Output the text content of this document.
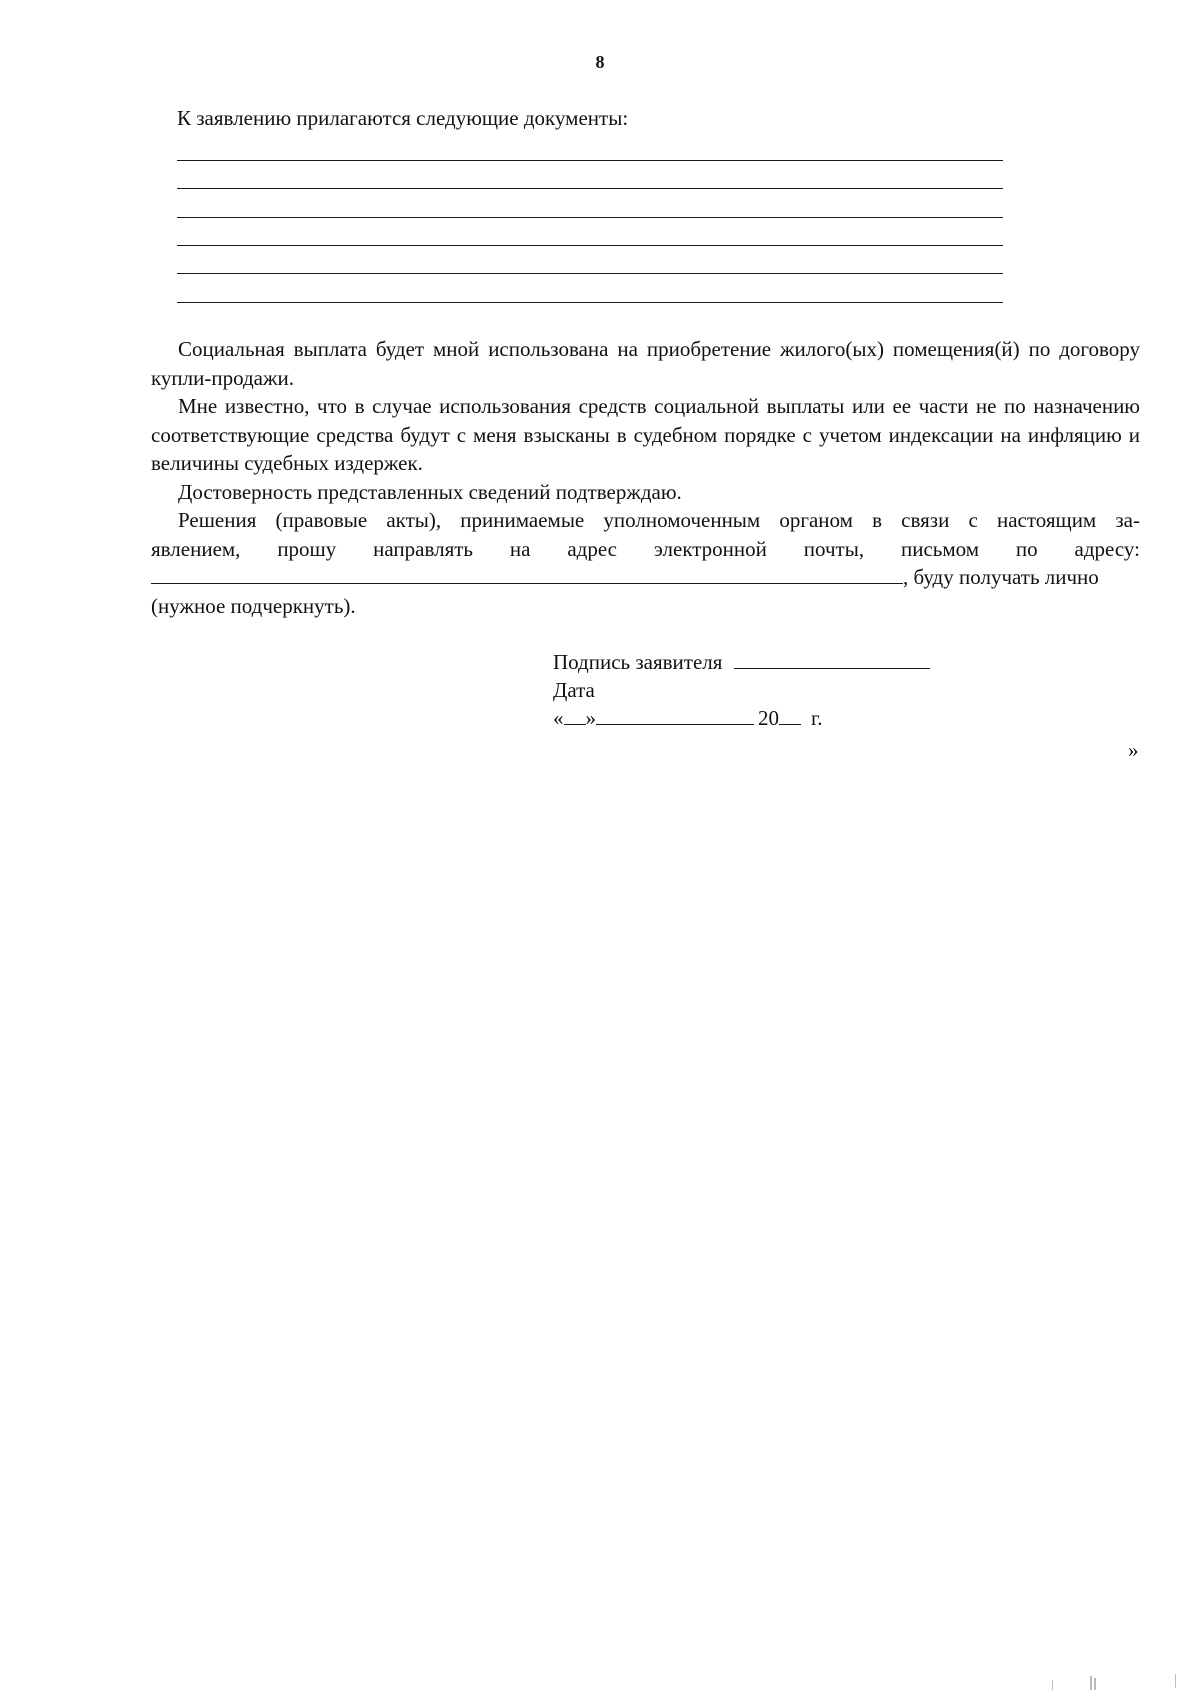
8
К заявлению прилагаются следующие документы:
Социальная выплата будет мной использована на приобретение жилого(ых) помещения(й) по договору купли-продажи.
Мне известно, что в случае использования средств социальной выплаты или ее части не по назначению соответствующие средства будут с меня взысканы в судебном порядке с учетом индексации на инфляцию и величины судебных издержек.
Достоверность представленных сведений подтверждаю.
Решения (правовые акты), принимаемые уполномоченным органом в связи с настоящим за-
явлением, прошу направлять на адрес электронной почты, письмом по адресу:
, буду получать лично
(нужное подчеркнуть).
Подпись заявителя
Дата
« »	20 г.
»
